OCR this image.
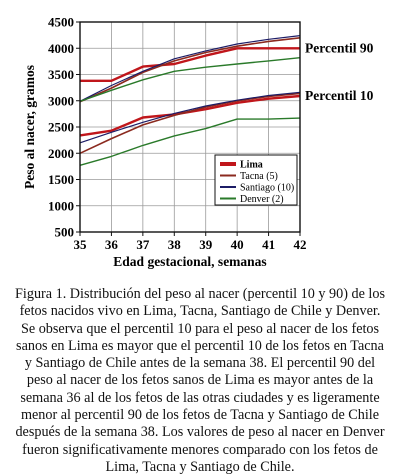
500
1000
1500
2000
2500
3000
3500
4000
4500
35 36 37 38 39 40 41 42
Peso al nacer, gramos
Edad gestacional, semanas
Percentil 90
Percentil 10
Lima
Tacna (5)
Santiago (10)
Denver (2)
Figura 1. Distribución del peso al nacer (percentil 10 y 90) de los fetos nacidos vivo en Lima, Tacna, Santiago de Chile y Denver. Se observa que el percentil 10 para el peso al nacer de los fetos sanos en Lima es mayor que el percentil 10 de los fetos en Tacna y Santiago de Chile antes de la semana 38. El percentil 90 del peso al nacer de los fetos sanos de Lima es mayor antes de la semana 36 al de los fetos de las otras ciudades y es ligeramente menor al percentil 90 de los fetos de Tacna y Santiago de Chile después de la semana 38. Los valores de peso al nacer en Denver fueron significativamente menores comparado con los fetos de Lima, Tacna y Santiago de Chile.
